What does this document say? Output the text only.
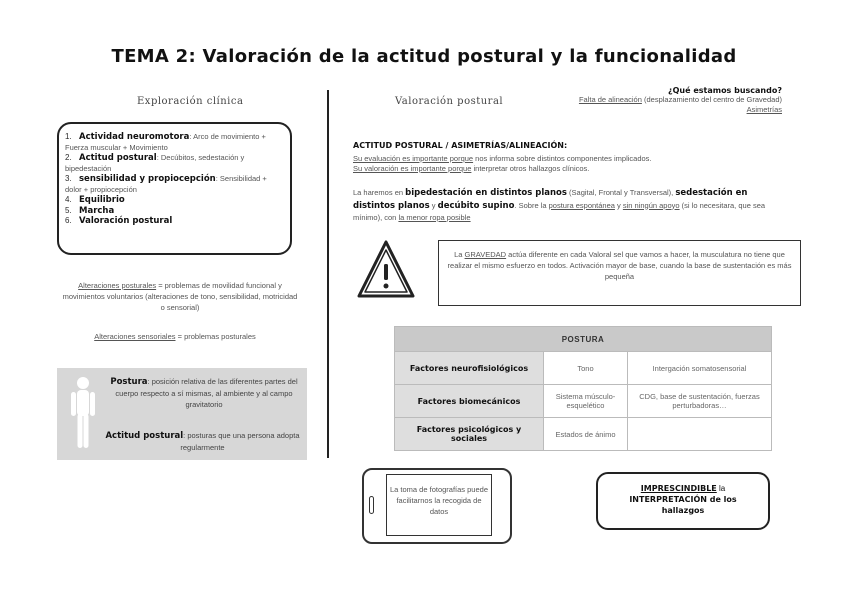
TEMA 2: Valoración de la actitud postural y la funcionalidad
Exploración clínica
1. Actividad neuromotora: Arco de movimiento + Fuerza muscular + Movimiento
2. Actitud postural: Decúbitos, sedestación y bipedestación
3. sensibilidad y propiocepción: Sensibilidad + dolor + propiocepción
4. Equilibrio
5. Marcha
6. Valoración postural
Alteraciones posturales = problemas de movilidad funcional y movimientos voluntarios (alteraciones de tono, sensibilidad, motricidad o sensorial)
Alteraciones sensoriales = problemas posturales
Postura: posición relativa de las diferentes partes del cuerpo respecto a sí mismas, al ambiente y al campo gravitatorio
Actitud postural: posturas que una persona adopta regularmente
Valoración postural
¿Qué estamos buscando?
Falta de alineación (desplazamiento del centro de Gravedad)
Asimetrías
ACTITUD POSTURAL / ASIMETRÍAS/ALINEACIÓN:
Su evaluación es importante porque nos informa sobre distintos componentes implicados.
Su valoración es importante porque interpretar otros hallazgos clínicos.
La haremos en bipedestación en distintos planos (Sagital, Frontal y Transversal), sedestación en distintos planos y decúbito supino. Sobre la postura espontánea y sin ningún apoyo (si lo necesitara, que sea mínimo), con la menor ropa posible
La GRAVEDAD actúa diferente en cada Valoral sel que vamos a hacer, la musculatura no tiene que realizar el mismo esfuerzo en todos. Activación mayor de base, cuando la base de sustentación es más pequeña
POSTURA		
Factores neurofisiológicos	Tono	Intergación somatosensorial
Factores biomecánicos	Sistema músculo-esquelético	CDG, base de sustentación, fuerzas perturbadoras…
Factores psicológicos y sociales	Estados de ánimo	
La toma de fotografías puede facilitarnos la recogida de datos
IMPRESCINDIBLE la
INTERPRETACIÓN de los
hallazgos
